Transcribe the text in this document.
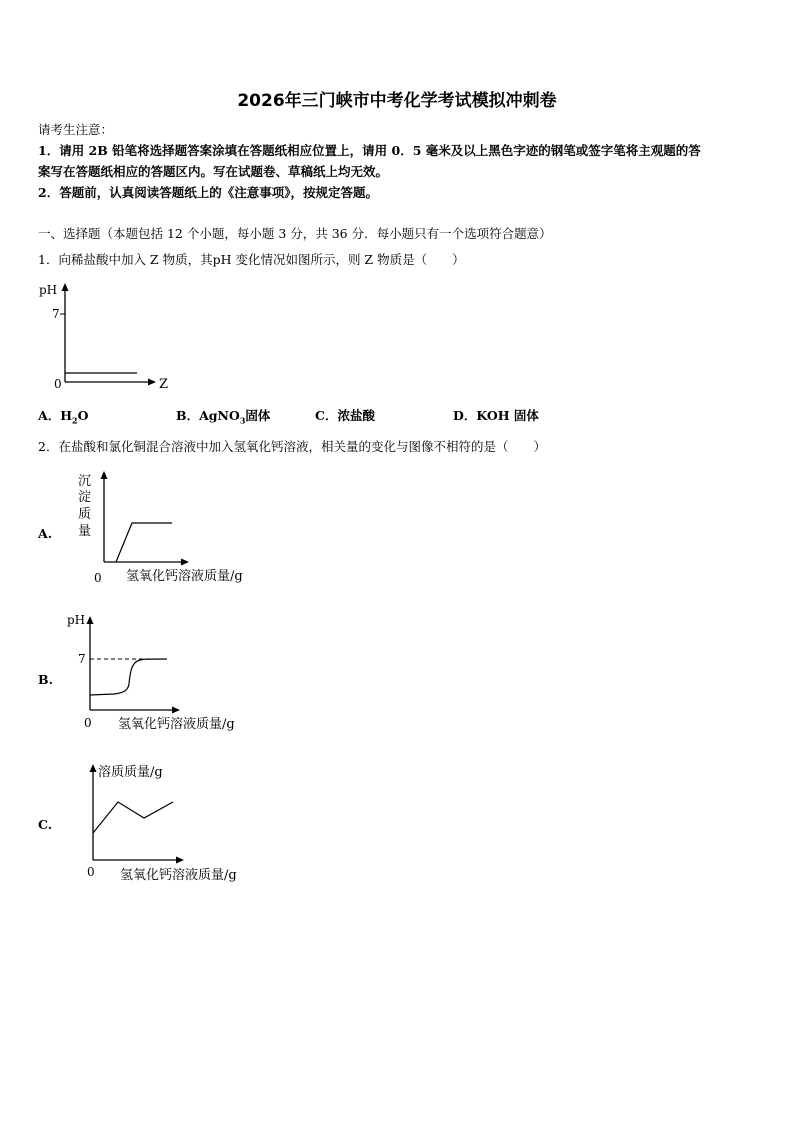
2026年三门峡市中考化学考试模拟冲刺卷
请考生注意：
1．请用 2B 铅笔将选择题答案涂填在答题纸相应位置上，请用 0．5 毫米及以上黑色字迹的钢笔或签字笔将主观题的答
案写在答题纸相应的答题区内。写在试题卷、草稿纸上均无效。
2．答题前，认真阅读答题纸上的《注意事项》，按规定答题。
一、选择题（本题包括 12 个小题，每小题 3 分，共 36 分．每小题只有一个选项符合题意）
1．向稀盐酸中加入 Z 物质，其pH 变化情况如图所示，则 Z 物质是（　　）
pH
7
0	Z
A．$H_2O$	B．AgNO$_3$固体	C．浓盐酸	D．KOH 固体
2．在盐酸和氯化铜混合溶液中加入氢氧化钙溶液，相关量的变化与图像不相符的是（　　）
A.
沉
淀
质
量
0 氢氧化钙溶液质量/g
B.
pH
7
0 氢氧化钙溶液质量/g
C.
溶质质量/g
0 氢氧化钙溶液质量/g
